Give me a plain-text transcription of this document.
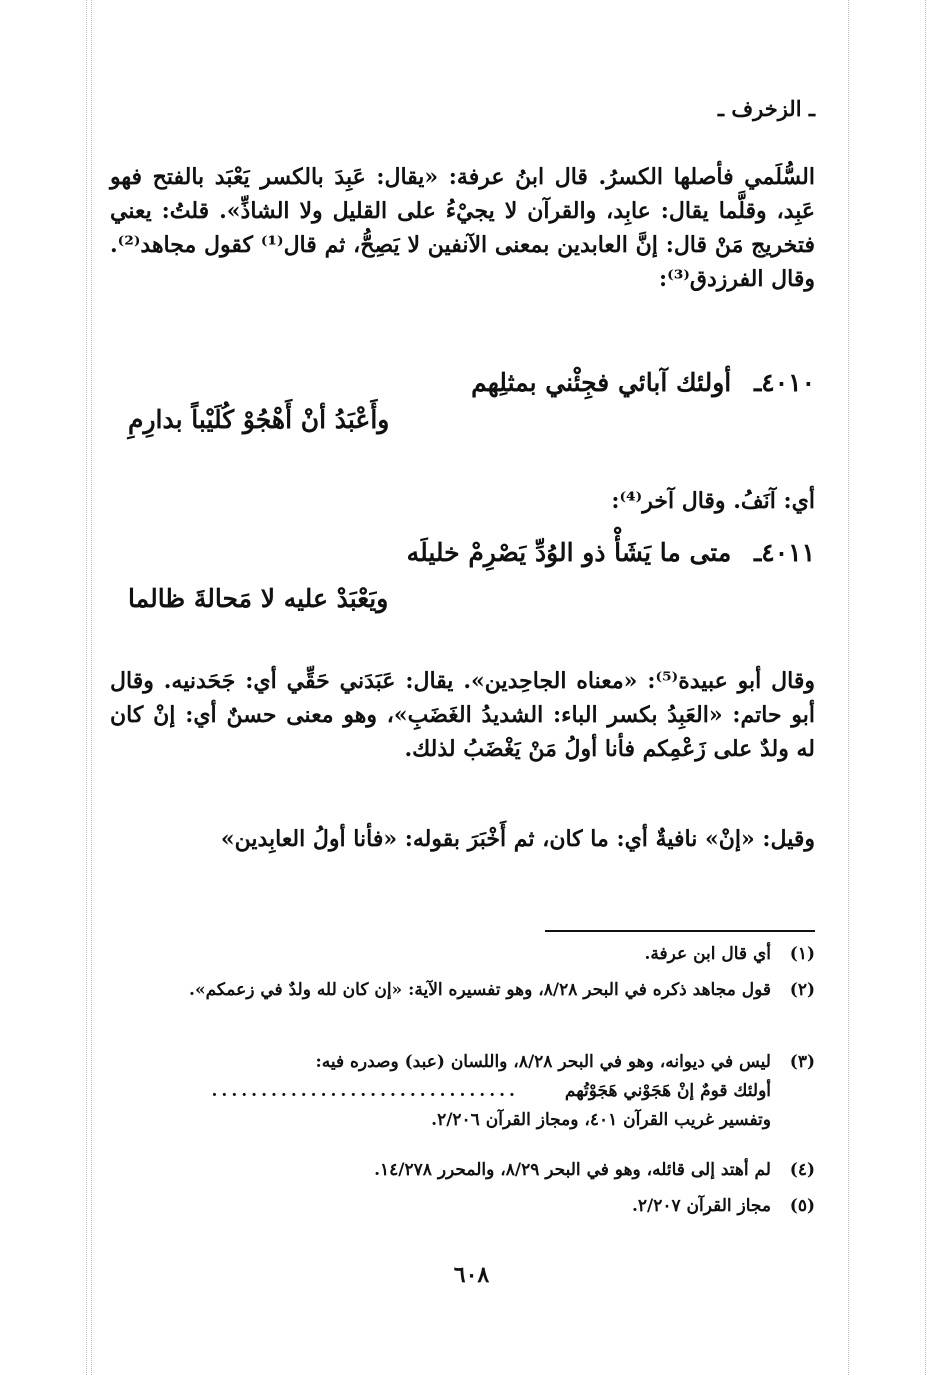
ـ الزخرف ـ

السُّلَمي فأصلها الكسرُ. قال ابنُ عرفة: «يقال: عَبِدَ بالكسر يَعْبَد بالفتح فهو عَبِد، وقلَّما يقال: عابِد، والقرآن لا يجيْءُ على القليل ولا الشاذِّ». قلتُ: يعني فتخريج مَنْ قال: إنَّ العابدين بمعنى الآنفين لا يَصِحُّ، ثم قال⁽¹⁾ كقول مجاهد⁽²⁾. وقال الفرزدق⁽³⁾:

٤٠١٠ـ أولئك آبائي فجِئْني بمثلِهم
وأَعْبَدُ أنْ أَهْجُوْ كُلَيْباً بدارِمِ

أي: آنَفُ. وقال آخر⁽⁴⁾:

٤٠١١ـ متى ما يَشَأْ ذو الوُدِّ يَصْرِمْ خليلَه
ويَعْبَدْ عليه لا مَحالةَ ظالما

وقال أبو عبيدة⁽⁵⁾: «معناه الجاحِدين». يقال: عَبَدَني حَقِّي أي: جَحَدنيه. وقال أبو حاتم: «العَبِدُ بكسر الباء: الشديدُ الغَضَبِ»، وهو معنى حسنٌ أي: إنْ كان له ولدٌ على زَعْمِكم فأنا أولُ مَنْ يَغْضَبُ لذلك.

وقيل: «إنْ» نافيةٌ أي: ما كان، ثم أَخْبَرَ بقوله: «فأنا أولُ العابِدين»

(١)أي قال ابن عرفة.
(٢)قول مجاهد ذكره في البحر ٨/٢٨، وهو تفسيره الآية: «إن كان لله ولدٌ في زعمكم».
(٣)ليس في ديوانه، وهو في البحر ٨/٢٨، واللسان (عبد) وصدره فيه:
أولئك قومٌ إنْ هَجَوْني هَجَوْتُهم ...............................
وتفسير غريب القرآن ٤٠١، ومجاز القرآن ٢/٢٠٦.
(٤)لم أهتد إلى قائله، وهو في البحر ٨/٢٩، والمحرر ١٤/٢٧٨.
(٥)مجاز القرآن ٢/٢٠٧.
٦٠٨
